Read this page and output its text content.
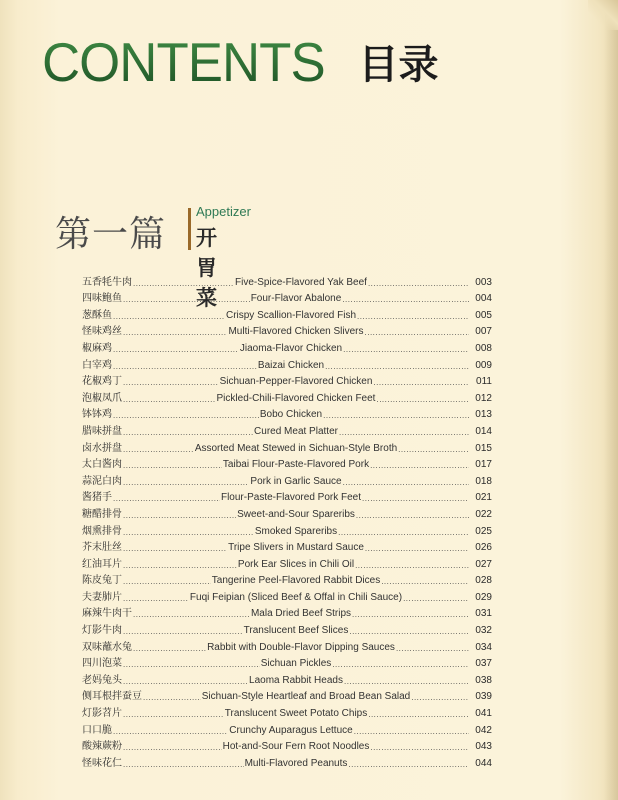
CONTENTS 目录
第一篇
Appetizer
开胃菜
五香牦牛肉 .....	Five-Spice-Flavored Yak Beef .....	003
四味鲍鱼 .....	Four-Flavor Abalone .....	004
葱酥鱼 .....	Crispy Scallion-Flavored Fish .....	005
怪味鸡丝 .....	Multi-Flavored Chicken Slivers .....	007
椒麻鸡 .....	Jiaoma-Flavor Chicken .....	008
白宰鸡 .....	Baizai Chicken .....	009
花椒鸡丁 .....	Sichuan-Pepper-Flavored Chicken .....	011
泡椒凤爪 .....	Pickled-Chili-Flavored Chicken Feet .....	012
钵钵鸡 .....	Bobo Chicken .....	013
腊味拼盘 .....	Cured Meat Platter .....	014
卤水拼盘 .....	Assorted Meat Stewed in Sichuan-Style Broth .....	015
太白酱肉 .....	Taibai Flour-Paste-Flavored Pork .....	017
蒜泥白肉 .....	Pork in Garlic Sauce .....	018
酱猪手 .....	Flour-Paste-Flavored Pork Feet .....	021
糖醋排骨 .....	Sweet-and-Sour Spareribs .....	022
烟熏排骨 .....	Smoked Spareribs .....	025
芥末肚丝 .....	Tripe Slivers in Mustard Sauce .....	026
红油耳片 .....	Pork Ear Slices in Chili Oil .....	027
陈皮兔丁 .....	Tangerine Peel-Flavored Rabbit Dices .....	028
夫妻肺片 .....	Fuqi Feipian (Sliced Beef & Offal in Chili Sauce) .....	029
麻辣牛肉干 .....	Mala Dried Beef Strips .....	031
灯影牛肉 .....	Translucent Beef Slices .....	032
双味蘸水兔 .....	Rabbit with Double-Flavor Dipping Sauces .....	034
四川泡菜 .....	Sichuan Pickles .....	037
老妈兔头 .....	Laoma Rabbit Heads .....	038
侧耳根拌蚕豆 .....	Sichuan-Style Heartleaf and Broad Bean Salad .....	039
灯影苕片 .....	Translucent Sweet Potato Chips .....	041
口口脆 .....	Crunchy Auparagus Lettuce .....	042
酸辣蕨粉 .....	Hot-and-Sour Fern Root Noodles .....	043
怪味花仁 .....	Multi-Flavored Peanuts .....	044
